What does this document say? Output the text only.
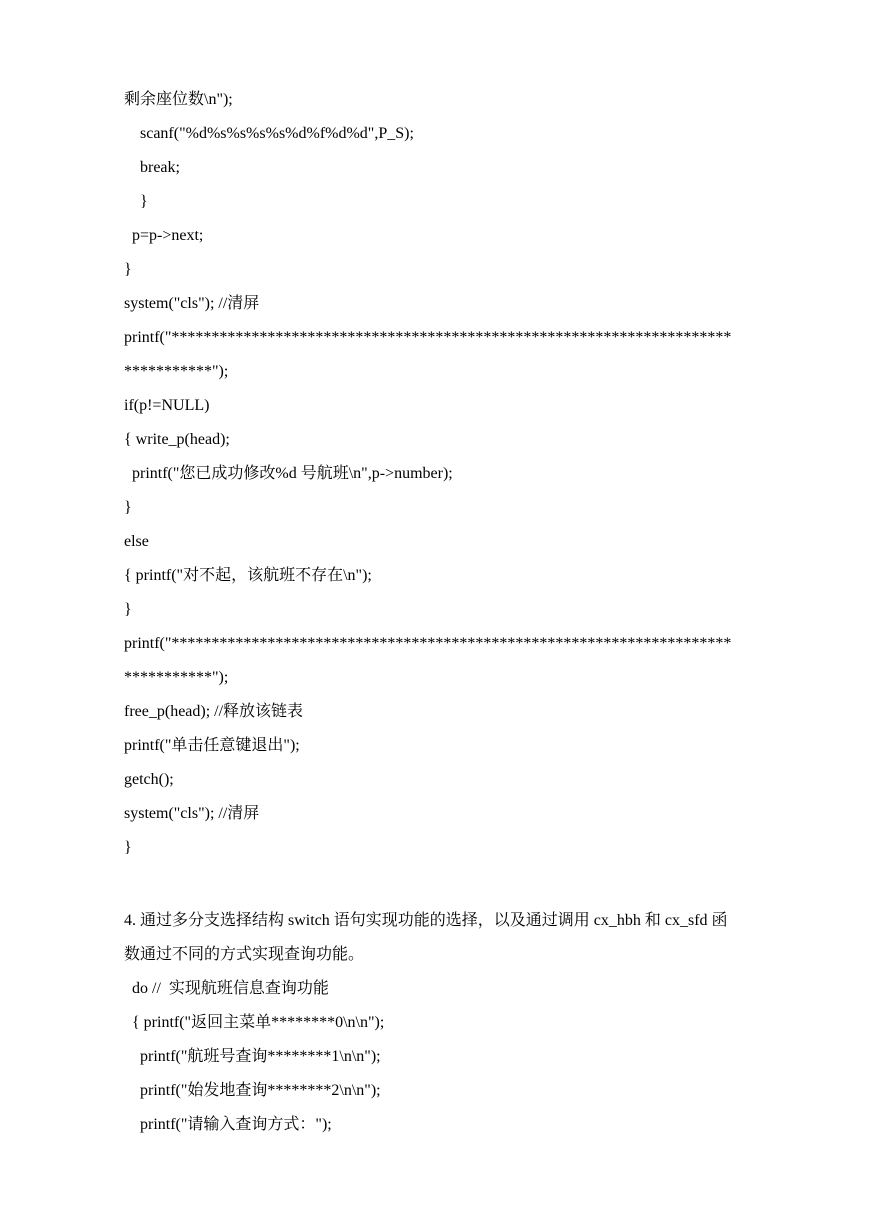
剩余座位数\n");
scanf("%d%s%s%s%s%d%f%d%d",P_S);
break;
}
p=p->next;
}
system("cls"); //清屏
printf("**********************************************************************
***********");
if(p!=NULL)
{ write_p(head);
printf("您已成功修改%d 号航班\n",p->number);
}
else
{ printf("对不起，该航班不存在\n");
}
printf("**********************************************************************
***********");
free_p(head); //释放该链表
printf("单击任意键退出");
getch();
system("cls"); //清屏
}
4. 通过多分支选择结构 switch 语句实现功能的选择，以及通过调用 cx_hbh 和 cx_sfd 函
数通过不同的方式实现查询功能。
do //  实现航班信息查询功能
{ printf("返回主菜单********0\n\n");
printf("航班号查询********1\n\n");
printf("始发地查询********2\n\n");
printf("请输入查询方式：");
